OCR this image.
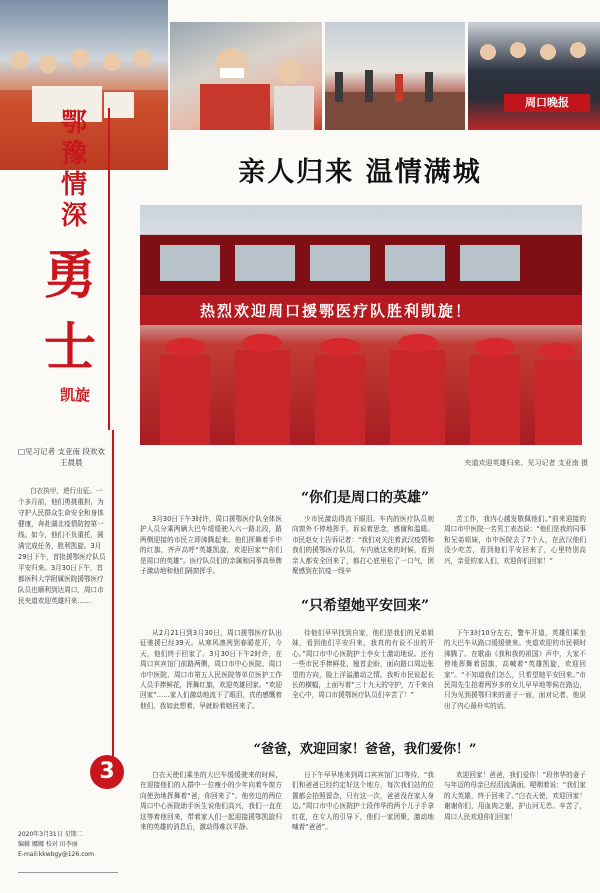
周口晚报
鄂豫情深
勇士
凯旋
亲人归来 温情满城
热烈欢迎周口援鄂医疗队胜利凯旋！
夹道欢迎英雄归来。见习记者 支亚南 摄
□见习记者 支亚南 段欢欢
王晨晨
白衣执甲，逆行出征。一个多月前，他们勇挑重担，为守护人民群众生命安全和身体健康，奔赴湖北疫情防控第一线。如今，他们不负重托，圆满完成任务，胜利凯旋。3月29日下午，首批援鄂医疗队员平安归来。3月30日下午，首都医科大学附属医院援鄂医疗队员也顺利到达周口，周口市民夹道欢迎英雄归来……
“你们是周口的英雄”
3月30日下午3时许，周口援鄂医疗队全体医护人员分乘两辆大巴车缓缓驶入六一路北段，路两侧迎接的市民立即沸腾起来。他们挥舞着手中的红旗，齐声高呼“英雄凯旋，欢迎回家”“你们是周口的英雄”。医疗队员们的亲属和同事高举牌子激动地和他们隔窗挥手。
少市民激动得流下眼泪。车内的医疗队员则向窗外不停地挥手，诉说着思念，感谢和温暖。市民赵女士告诉记者：“我们对关注着武汉疫情和我们的援鄂医疗队员，车内就这来的时候，看到亲人都安全回来了，都打心底里松了一口气，团聚感到在抗疫一线辛
苦工作，我内心越发敬佩他们。”前来迎接的周口市中医院一名男工表态说：“他们是我的同事和兄弟姐妹，市中医院去了7个人，在武汉他们没少吃苦，看到他们平安回来了，心里特别高兴，亲爱的家人们，欢迎你们回家！”
“只希望她平安回来”
从2月21日到3月30日，周口援鄂医疗队出征驰援已经39天。从寒风凛冽到春暖花开，今天，他们终于回家了。3月30日下午2时许，在周口宾宾馆门前路两侧，周口市中心医院、周口市中医院、周口市第五人民医院等单位医护工作人员手捧鲜花，挥舞红旗，欢迎英雄回家。“欢迎回家”……家人们激动地流下了眼泪，真的感慨着他们，我如此想着，早就盼着她回来了。
待他们早早找到自家，他们是我们的兄弟姐妹，看到他们平安归来，我真的有说不出的开心。”周口市中心医院护士李女士激动地说。还有一些市民手捧鲜花、翘首企盼，面向路口周边张望的方向，脸上洋溢激动之情。我听市民说起长长的横幅，上面写着“三十九天的守护，万千来自全心中，周口市援鄂医疗队员们辛苦了！”
下午3时10分左右，警车开道，英雄们乘坐的大巴车从路口缓缓驶来。夹道欢迎的市民顿时沸腾了。在歌曲《我和我的祖国》声中，大家不停地挥舞着国旗，高喊着“英雄凯旋，欢迎回家”。“不知道我们怎么，只希望她平安回来。”市民周先生拍着两岁多的女儿早早地等候在路边，只为见到援鄂归来的妻子一面，面对记者，他说出了内心最朴实的话。
“爸爸，欢迎回家！爸爸，我们爱你！”
白衣天使们乘坐的大巴车缓缓驶来的时候，在迎接他们的人群中一位瘦小的少年向着车窗方向使劲地挥舞着“爸，你回来了”。他旁边的两位周口中心医院助手医生说他们高兴，我们一直在这等着他回来，带着家人们一起迎接援鄂凯旋归来的英雄的消息后，激动得难以平静。
日下午早早地来到周口宾宾馆门口等待，“我们和爸爸已经约定好这个地方，每次我们站的位置都会拍照留念，只有这一次，爸爸没在家人身边。”周口市中心医院护士段伟华的两个儿子手拿红花，在专人的引导下，他们一家团聚，激动地喊着“爸爸”。
欢迎回家！爸爸，我们爱你！”段伟华的妻子与年迈的母亲已经泪流满面。哽咽着说：“我们家的大英雄，终于回来了。”白衣天使，欢迎回家！谢谢你们，用血肉之躯，护山河无恙。辛苦了，周口人民欢迎你们回家！
3
2020年3月31日 星期二
编辑 娜娜 校对 田李丽
E-mail:kkwbgy@126.com
